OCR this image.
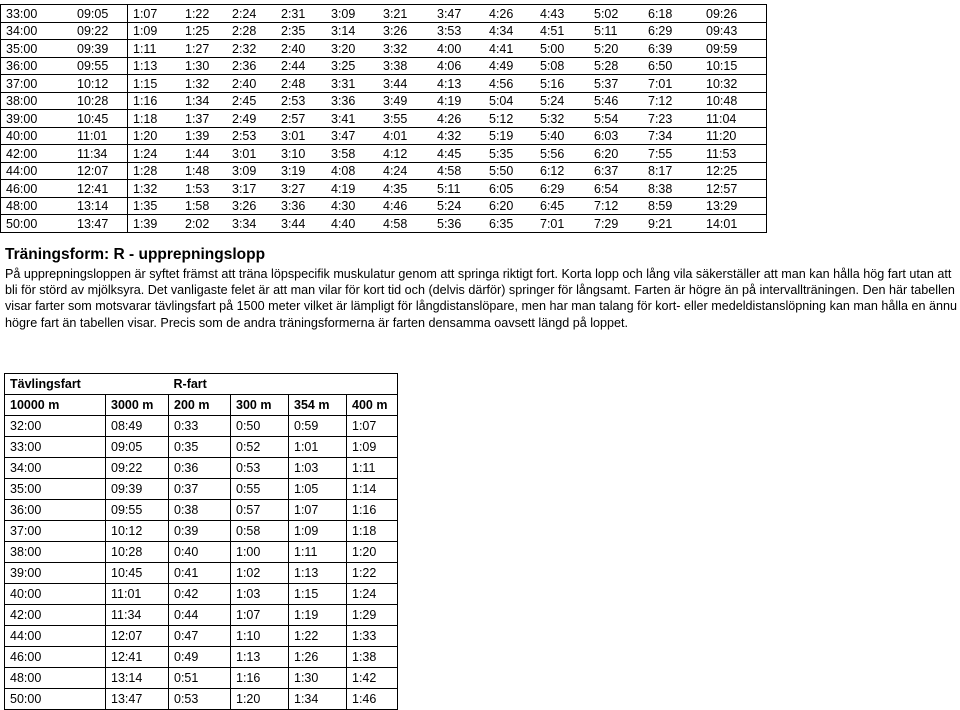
33:00	09:05	1:07	1:22	2:24	2:31	3:09	3:21	3:47	4:26	4:43	5:02	6:18	09:26
34:00	09:22	1:09	1:25	2:28	2:35	3:14	3:26	3:53	4:34	4:51	5:11	6:29	09:43
35:00	09:39	1:11	1:27	2:32	2:40	3:20	3:32	4:00	4:41	5:00	5:20	6:39	09:59
36:00	09:55	1:13	1:30	2:36	2:44	3:25	3:38	4:06	4:49	5:08	5:28	6:50	10:15
37:00	10:12	1:15	1:32	2:40	2:48	3:31	3:44	4:13	4:56	5:16	5:37	7:01	10:32
38:00	10:28	1:16	1:34	2:45	2:53	3:36	3:49	4:19	5:04	5:24	5:46	7:12	10:48
39:00	10:45	1:18	1:37	2:49	2:57	3:41	3:55	4:26	5:12	5:32	5:54	7:23	11:04
40:00	11:01	1:20	1:39	2:53	3:01	3:47	4:01	4:32	5:19	5:40	6:03	7:34	11:20
42:00	11:34	1:24	1:44	3:01	3:10	3:58	4:12	4:45	5:35	5:56	6:20	7:55	11:53
44:00	12:07	1:28	1:48	3:09	3:19	4:08	4:24	4:58	5:50	6:12	6:37	8:17	12:25
46:00	12:41	1:32	1:53	3:17	3:27	4:19	4:35	5:11	6:05	6:29	6:54	8:38	12:57
48:00	13:14	1:35	1:58	3:26	3:36	4:30	4:46	5:24	6:20	6:45	7:12	8:59	13:29
50:00	13:47	1:39	2:02	3:34	3:44	4:40	4:58	5:36	6:35	7:01	7:29	9:21	14:01
Träningsform: R - upprepningslopp

På upprepningsloppen är syftet främst att träna löpspecifik muskulatur genom att springa riktigt fort. Korta lopp och lång vila säkerställer att man kan hålla hög fart utan att bli för störd av mjölksyra. Det vanligaste felet är att man vilar för kort tid och (delvis därför) springer för långsamt. Farten är högre än på intervallträningen. Den här tabellen visar farter som motsvarar tävlingsfart på 1500 meter vilket är lämpligt för långdistanslöpare, men har man talang för kort- eller medeldistanslöpning kan man hålla en ännu högre fart än tabellen visar. Precis som de andra träningsformerna är farten densamma oavsett längd på loppet.

Tävlingsfart		R-fart			
10000 m	3000 m	200 m	300 m	354 m	400 m
32:00	08:49	0:33	0:50	0:59	1:07
33:00	09:05	0:35	0:52	1:01	1:09
34:00	09:22	0:36	0:53	1:03	1:11
35:00	09:39	0:37	0:55	1:05	1:14
36:00	09:55	0:38	0:57	1:07	1:16
37:00	10:12	0:39	0:58	1:09	1:18
38:00	10:28	0:40	1:00	1:11	1:20
39:00	10:45	0:41	1:02	1:13	1:22
40:00	11:01	0:42	1:03	1:15	1:24
42:00	11:34	0:44	1:07	1:19	1:29
44:00	12:07	0:47	1:10	1:22	1:33
46:00	12:41	0:49	1:13	1:26	1:38
48:00	13:14	0:51	1:16	1:30	1:42
50:00	13:47	0:53	1:20	1:34	1:46
